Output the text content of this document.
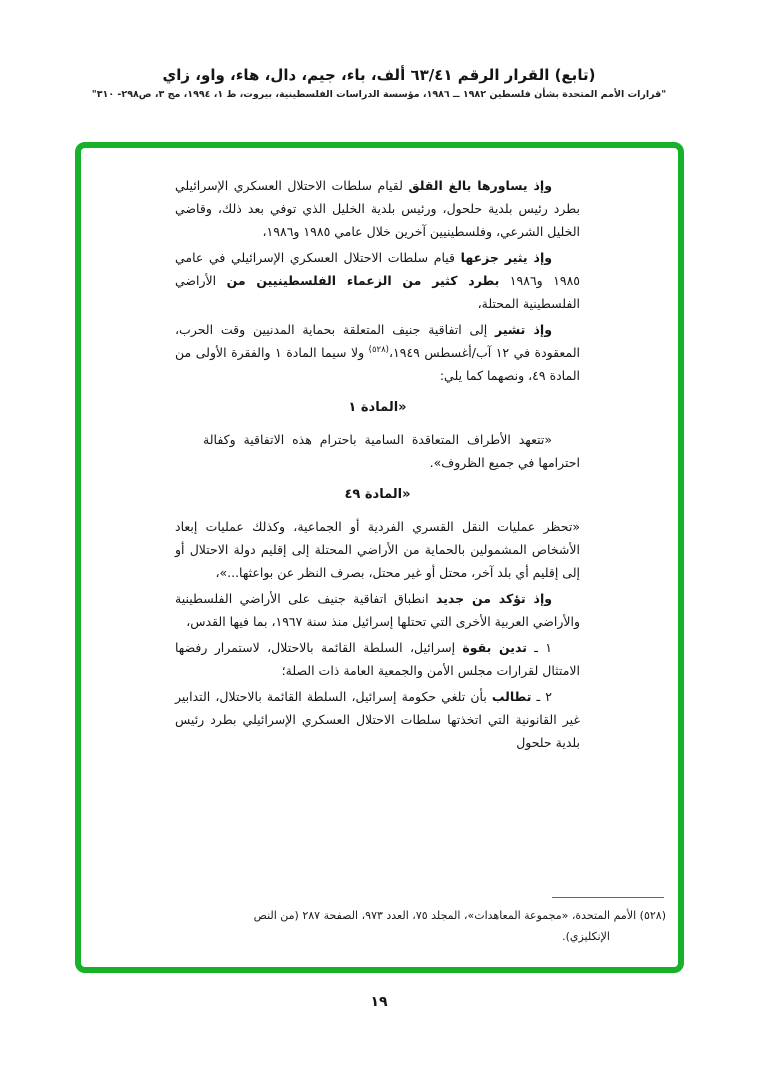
(تابع) القرار الرقم ٦٣/٤١ ألف، باء، جيم، دال، هاء، واو، زاي
"قرارات الأمم المتحدة بشأن فلسطين ١٩٨٢ ــ ١٩٨٦، مؤسسة الدراسات الفلسطينية، بيروت، ط ١، ١٩٩٤، مج ٣، ص٢٩٨- ٣١٠"

وإذ يساورها بالغ القلق لقيام سلطات الاحتلال العسكري الإسرائيلي بطرد رئيس بلدية حلحول، ورئيس بلدية الخليل الذي توفي بعد ذلك، وقاضي الخليل الشرعي، وفلسطينيين آخرين خلال عامي ١٩٨٥ و١٩٨٦،

وإذ يثير جزعها قيام سلطات الاحتلال العسكري الإسرائيلي في عامي ١٩٨٥ و١٩٨٦ بطرد كثير من الزعماء الفلسطينيين من الأراضي الفلسطينية المحتلة،

وإذ تشير إلى اتفاقية جنيف المتعلقة بحماية المدنيين وقت الحرب، المعقودة في ١٢ آب/أغسطس ١٩٤٩،$^{(٥٢٨)}$ ولا سيما المادة ١ والفقرة الأولى من المادة ٤٩، ونصهما كما يلي:

«المادة ١

«تتعهد الأطراف المتعاقدة السامية باحترام هذه الاتفاقية وكفالة احترامها في جميع الظروف».

«المادة ٤٩

«تحظر عمليات النقل القسري الفردية أو الجماعية، وكذلك عمليات إبعاد الأشخاص المشمولين بالحماية من الأراضي المحتلة إلى إقليم دولة الاحتلال أو إلى إقليم أي بلد آخر، محتل أو غير محتل، بصرف النظر عن بواعثها...»،

وإذ تؤكد من جديد انطباق اتفاقية جنيف على الأراضي الفلسطينية والأراضي العربية الأخرى التي تحتلها إسرائيل منذ سنة ١٩٦٧، بما فيها القدس،

١ ـ تدين بقوة إسرائيل، السلطة القائمة بالاحتلال، لاستمرار رفضها الامتثال لقرارات مجلس الأمن والجمعية العامة ذات الصلة؛

٢ ـ تطالب بأن تلغي حكومة إسرائيل، السلطة القائمة بالاحتلال، التدابير غير القانونية التي اتخذتها سلطات الاحتلال العسكري الإسرائيلي بطرد رئيس بلدية حلحول

(٥٢٨) الأمم المتحدة، «مجموعة المعاهدات»، المجلد ٧٥، العدد ٩٧٣، الصفحة ٢٨٧ (من النص الإنكليزي).
١٩
